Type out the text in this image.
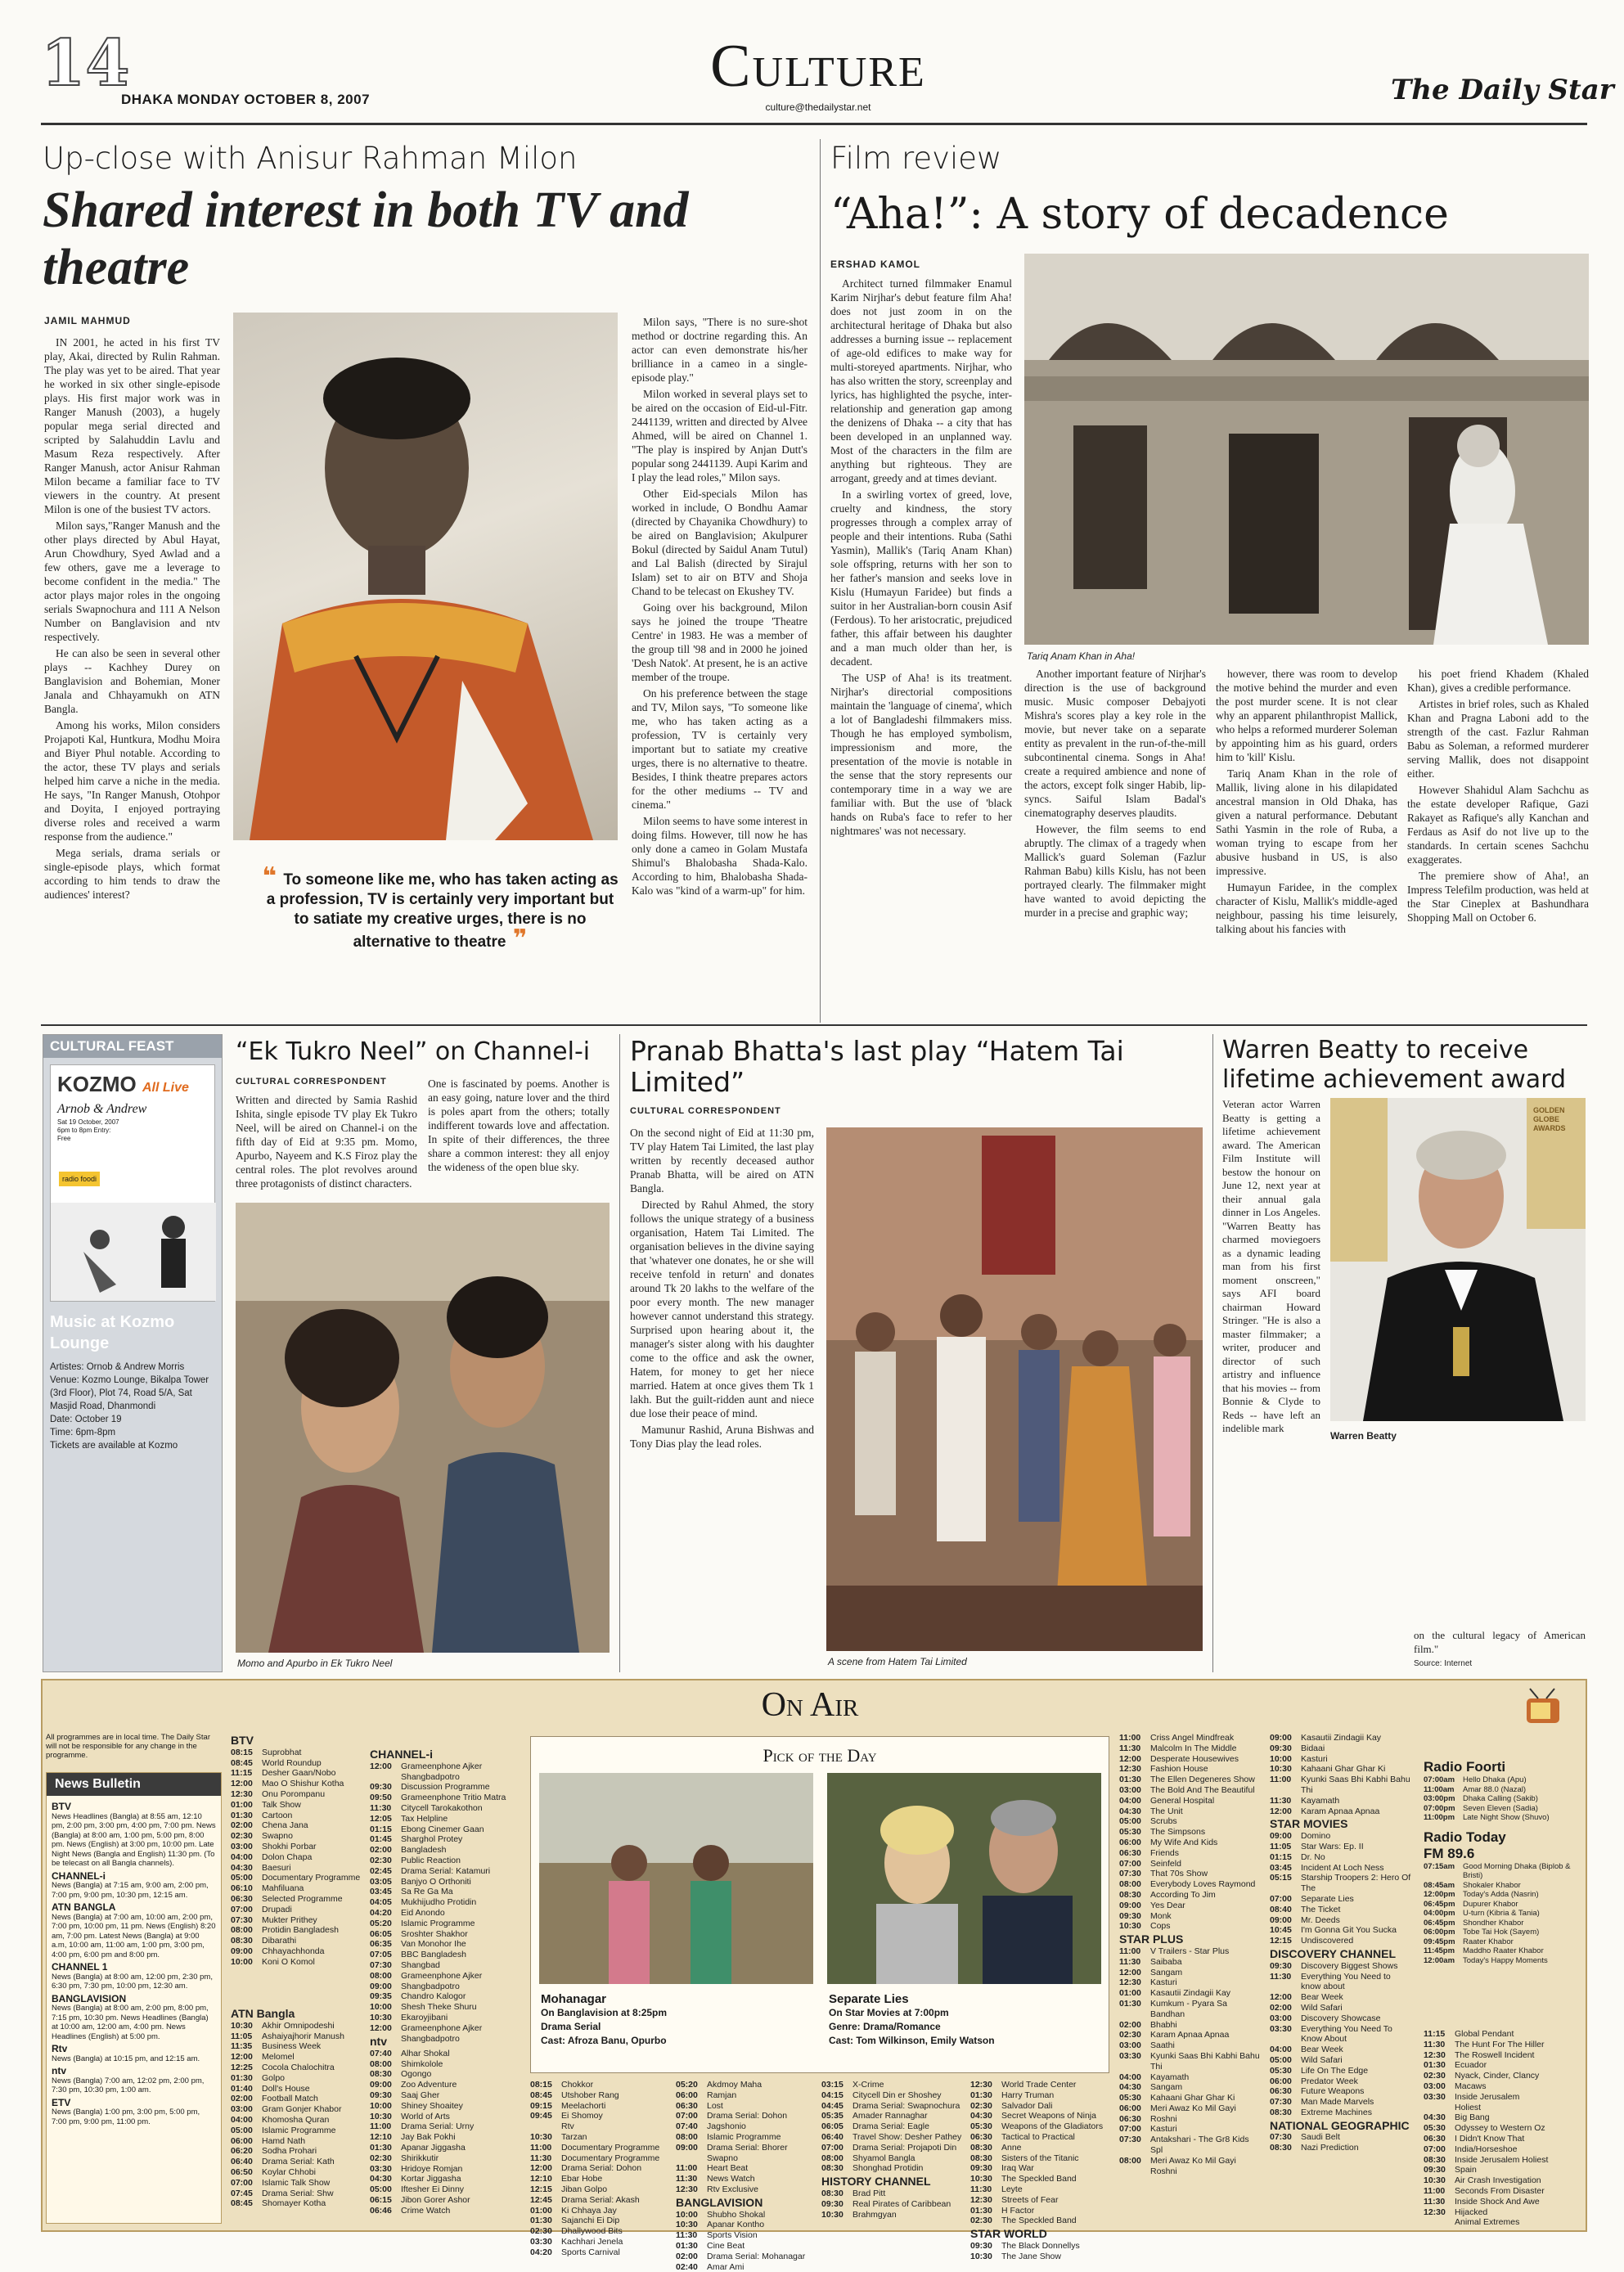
14
DHAKA MONDAY OCTOBER 8, 2007	Culture
culture@thedailystar.net
The Daily Star
Up-close with Anisur Rahman Milon
Shared interest in both TV and theatre
JAMIL MAHMUD

IN 2001, he acted in his first TV play, Akai, directed by Rulin Rahman. The play was yet to be aired. That year he worked in six other single-episode plays. His first major work was in Ranger Manush (2003), a hugely popular mega serial directed and scripted by Salahuddin Lavlu and Masum Reza respectively. After Ranger Manush, actor Anisur Rahman Milon became a familiar face to TV viewers in the country. At present Milon is one of the busiest TV actors.

Milon says,"Ranger Manush and the other plays directed by Abul Hayat, Arun Chowdhury, Syed Awlad and a few others, gave me a leverage to become confident in the media." The actor plays major roles in the ongoing serials Swapnochura and 111 A Nelson Number on Banglavision and ntv respectively.

He can also be seen in several other plays -- Kachhey Durey on Banglavision and Bohemian, Moner Janala and Chhayamukh on ATN Bangla.

Among his works, Milon considers Projapoti Kal, Huntkura, Modhu Moira and Biyer Phul notable. According to the actor, these TV plays and serials helped him carve a niche in the media. He says, "In Ranger Manush, Otohpor and Doyita, I enjoyed portraying diverse roles and received a warm response from the audience."

Mega serials, drama serials or single-episode plays, which format according to him tends to draw the audiences' interest?

Milon says, "There is no sure-shot method or doctrine regarding this. An actor can even demonstrate his/her brilliance in a cameo in a single-episode play."

Milon worked in several plays set to be aired on the occasion of Eid-ul-Fitr. 2441139, written and directed by Alvee Ahmed, will be aired on Channel 1. "The play is inspired by Anjan Dutt's popular song 2441139. Aupi Karim and I play the lead roles," Milon says.

Other Eid-specials Milon has worked in include, O Bondhu Aamar (directed by Chayanika Chowdhury) to be aired on Banglavision; Akulpurer Bokul (directed by Saidul Anam Tutul) and Lal Balish (directed by Sirajul Islam) set to air on BTV and Shoja Chand to be telecast on Ekushey TV.

Going over his background, Milon says he joined the troupe 'Theatre Centre' in 1983. He was a member of the group till '98 and in 2000 he joined 'Desh Natok'. At present, he is an active member of the troupe.

On his preference between the stage and TV, Milon says, "To someone like me, who has taken acting as a profession, TV is certainly very important but to satiate my creative urges, there is no alternative to theatre. Besides, I think theatre prepares actors for the other mediums -- TV and cinema."

Milon seems to have some interest in doing films. However, till now he has only done a cameo in Golam Mustafa Shimul's Bhalobasha Shada-Kalo. According to him, Bhalobasha Shada-Kalo was "kind of a warm-up" for him.

❝ To someone like me, who has taken acting as a profession, TV is certainly very important but to satiate my creative urges, there is no alternative to theatre ❞
Film review
“Aha!”: A story of decadence
ERSHAD KAMOL

Architect turned filmmaker Enamul Karim Nirjhar's debut feature film Aha! does not just zoom in on the architectural heritage of Dhaka but also addresses a burning issue -- replacement of age-old edifices to make way for multi-storeyed apartments. Nirjhar, who has also written the story, screenplay and lyrics, has highlighted the psyche, inter-relationship and generation gap among the denizens of Dhaka -- a city that has been developed in an unplanned way. Most of the characters in the film are anything but righteous. They are arrogant, greedy and at times deviant.

In a swirling vortex of greed, love, cruelty and kindness, the story progresses through a complex array of people and their intentions. Ruba (Sathi Yasmin), Mallik's (Tariq Anam Khan) sole offspring, returns with her son to her father's mansion and seeks love in Kislu (Humayun Faridee) but finds a suitor in her Australian-born cousin Asif (Ferdous). To her aristocratic, prejudiced father, this affair between his daughter and a man much older than her, is decadent.

The USP of Aha! is its treatment. Nirjhar's directorial compositions maintain the 'language of cinema', which a lot of Bangladeshi filmmakers miss. Though he has employed symbolism, impressionism and more, the presentation of the movie is notable in the sense that the story represents our contemporary time in a way we are familiar with. But the use of 'black hands on Ruba's face to refer to her nightmares' was not necessary.

Tariq Anam Khan in Aha!

Another important feature of Nirjhar's direction is the use of background music. Music composer Debajyoti Mishra's scores play a key role in the movie, but never take on a separate entity as prevalent in the run-of-the-mill subcontinental cinema. Songs in Aha! create a required ambience and none of the actors, except folk singer Habib, lip-syncs. Saiful Islam Badal's cinematography deserves plaudits.

However, the film seems to end abruptly. The climax of a tragedy when Mallick's guard Soleman (Fazlur Rahman Babu) kills Kislu, has not been portrayed clearly. The filmmaker might have wanted to avoid depicting the murder in a precise and graphic way;

however, there was room to develop the motive behind the murder and even the post murder scene. It is not clear why an apparent philanthropist Mallick, who helps a reformed murderer Soleman by appointing him as his guard, orders him to 'kill' Kislu.

Tariq Anam Khan in the role of Mallik, living alone in his dilapidated ancestral mansion in Old Dhaka, has given a natural performance. Debutant Sathi Yasmin in the role of Ruba, a woman trying to escape from her abusive husband in US, is also impressive.

Humayun Faridee, in the complex character of Kislu, Mallik's middle-aged neighbour, passing his time leisurely, talking about his fancies with

his poet friend Khadem (Khaled Khan), gives a credible performance.

Artistes in brief roles, such as Khaled Khan and Pragna Laboni add to the strength of the cast. Fazlur Rahman Babu as Soleman, a reformed murderer serving Mallik, does not disappoint either.

However Shahidul Alam Sachchu as the estate developer Rafique, Gazi Rakayet as Rafique's ally Kanchan and Ferdaus as Asif do not live up to the standards. In certain scenes Sachchu exaggerates.

The premiere show of Aha!, an Impress Telefilm production, was held at the Star Cineplex at Bashundhara Shopping Mall on October 6.

CULTURAL FEAST
KOZMO All Live
Arnob & Andrew
Sat 19 October, 2007 6pm to 8pm Entry: Free
radio foodi
Music at Kozmo Lounge
Artistes: Ornob & Andrew Morris
Venue: Kozmo Lounge, Bikalpa Tower (3rd Floor), Plot 74, Road 5/A, Sat Masjid Road, Dhanmondi
Date: October 19
Time: 6pm-8pm
Tickets are available at Kozmo
“Ek Tukro Neel” on Channel-i
CULTURAL CORRESPONDENT

Written and directed by Samia Rashid Ishita, single episode TV play Ek Tukro Neel, will be aired on Channel-i on the fifth day of Eid at 9:35 pm. Momo, Apurbo, Nayeem and K.S Firoz play the central roles. The plot revolves around three protagonists of distinct characters.

One is fascinated by poems. Another is an easy going, nature lover and the third is poles apart from the others; totally indifferent towards love and affectation. In spite of their differences, the three share a common interest: they all enjoy the wideness of the open blue sky.

Momo and Apurbo in Ek Tukro Neel
Pranab Bhatta's last play “Hatem Tai Limited”
CULTURAL CORRESPONDENT

On the second night of Eid at 11:30 pm, TV play Hatem Tai Limited, the last play written by recently deceased author Pranab Bhatta, will be aired on ATN Bangla.

Directed by Rahul Ahmed, the story follows the unique strategy of a business organisation, Hatem Tai Limited. The organisation believes in the divine saying that 'whatever one donates, he or she will receive tenfold in return' and donates around Tk 20 lakhs to the welfare of the poor every month. The new manager however cannot understand this strategy. Surprised upon hearing about it, the manager's sister along with his daughter come to the office and ask the owner, Hatem, for money to get her niece married. Hatem at once gives them Tk 1 lakh. But the guilt-ridden aunt and niece due lose their peace of mind.

Mamunur Rashid, Aruna Bishwas and Tony Dias play the lead roles.

A scene from Hatem Tai Limited
Warren Beatty to receive lifetime achievement award

Veteran actor Warren Beatty is getting a lifetime achievement award. The American Film Institute will bestow the honour on June 12, next year at their annual gala dinner in Los Angeles. "Warren Beatty has charmed moviegoers as a dynamic leading man from his first moment onscreen," says AFI board chairman Howard Stringer. "He is also a master filmmaker; a writer, producer and director of such artistry and influence that his movies -- from Bonnie & Clyde to Reds -- have left an indelible mark

GOLDEN GLOBE AWARDS
Warren Beatty

on the cultural legacy of American film."

Source: Internet
On Air
All programmes are in local time. The Daily Star will not be responsible for any change in the programme.
News Bulletin
BTV
News Headlines (Bangla) at 8:55 am, 12:10 pm, 2:00 pm, 3:00 pm, 4:00 pm, 7:00 pm. News (Bangla) at 8:00 am, 1:00 pm, 5:00 pm, 8:00 pm. News (English) at 3:00 pm, 10:00 pm. Late Night News (Bangla and English) 11:30 pm. (To be telecast on all Bangla channels).
CHANNEL-i
News (Bangla) at 7:15 am, 9:00 am, 2:00 pm, 7:00 pm, 9:00 pm, 10:30 pm, 12:15 am.
ATN BANGLA
News (Bangla) at 7:00 am, 10:00 am, 2:00 pm, 7:00 pm, 10:00 pm, 11 pm. News (English) 8:20 am, 7:00 pm. Latest News (Bangla) at 9:00 a.m, 10:00 am, 11:00 am, 1:00 pm, 3:00 pm, 4:00 pm, 6:00 pm and 8:00 pm.
CHANNEL 1
News (Bangla) at 8:00 am, 12:00 pm, 2:30 pm, 6:30 pm, 7:30 pm, 10:00 pm, 12:30 am.
BANGLAVISION
News (Bangla) at 8:00 am, 2:00 pm, 8:00 pm, 7:15 pm, 10:30 pm. News Headlines (Bangla) at 10:00 am, 12:00 am, 4:00 pm. News Headlines (English) at 5:00 pm.
Rtv
News (Bangla) at 10:15 pm, and 12:15 am.
ntv
News (Bangla) 7:00 am, 12:02 pm, 2:00 pm, 7:30 pm, 10:30 pm, 1:00 am.
ETV
News (Bangla) 1:00 pm, 3:00 pm, 5:00 pm, 7:00 pm, 9:00 pm, 11:00 pm.
BTV
08:15	Suprobhat
08:45	World Roundup
11:15	Desher Gaan/Nobo
12:00	Mao O Shishur Kotha
12:30	Onu Porompanu
01:00	Talk Show
01:30	Cartoon
02:00	Chena Jana
02:30	Swapno
03:00	Shokhi Porbar
04:00	Dolon Chapa
04:30	Baesuri
05:00	Documentary Programme
06:10	Mahfiluana
06:30	Selected Programme
07:00	Drupadi
07:30	Mukter Prithey
08:00	Protidin Bangladesh
08:30	Dibarathi
09:00	Chhayachhonda
10:00	Koni O Komol
ATN Bangla
10:30	Akhir Omnipodeshi
11:05	Ashaiyajhorir Manush
11:35	Business Week
12:00	Melomel
12:25	Cocola Chalochitra
01:30	Golpo
01:40	Doll's House
02:00	Football Match
03:00	Gram Gonjer Khabor
04:00	Khomosha Quran
05:00	Islamic Programme
06:00	Hamd Nath
06:20	Sodha Prohari
06:40	Drama Serial: Kath
06:50	Koylar Chhobi
07:00	Islamic Talk Show
07:45	Drama Serial: Shw
08:45	Shomayer Kotha
CHANNEL-i
12:00	Grameenphone Ajker Shangbadpotro
09:30	Discussion Programme
09:50	Grameenphone Tritio Matra
11:30	Citycell Tarokakothon
12:05	Tax Helpline
01:15	Ebong Cinemer Gaan
01:45	Sharghol Protey
02:00	Bangladesh
02:30	Public Reaction
02:45	Drama Serial: Katamuri
03:05	Banjyo O Orthoniti
03:45	Sa Re Ga Ma
04:05	Mukhijudho Protidin
04:20	Eid Anondo
05:20	Islamic Programme
06:05	Sroshter Shakhor
06:35	Van Monohor Ihe
07:05	BBC Bangladesh
07:30	Shangbad
08:00	Grameenphone Ajker
09:00	Shangbadpotro
09:35	Chandro Kalogor
10:00	Shesh Theke Shuru
10:30	Ekaroyjibani
12:00	Grameenphone Ajker Shangbadpotro
ntv
07:40	Alhar Shokal
08:00	Shimkolole
08:30	Ogongo
09:00	Zoo Adventure
09:30	Saaj Gher
10:00	Shiney Shoaitey
10:30	World of Arts
11:00	Drama Serial: Urny
12:10	Jay Bak Pokhi
01:30	Apanar Jiggasha
02:30	Shirikkutir
03:30	Hridoye Romjan
04:30	Kortar Jiggasha
05:00	Iftesher Ei Dinny
06:15	Jibon Gorer Ashor
06:46	Crime Watch
Pick of the Day
Mohanagar
On Banglavision at 8:25pm
Drama Serial
Cast: Afroza Banu, Opurbo
Separate Lies
On Star Movies at 7:00pm
Genre: Drama/Romance
Cast: Tom Wilkinson, Emily Watson
08:15	Chokkor
08:45	Utshober Rang
09:15	Meelachorti
09:45	Ei Shomoy
Rtv
10:30	Tarzan
11:00	Documentary Programme
11:30	Documentary Programme
12:00	Drama Serial: Dohon
12:10	Ebar Hobe
12:15	Jiban Golpo
12:45	Drama Serial: Akash
01:00	Ki Chhaya Jay
01:30	Sajanchi Ei Dip
02:30	Dhallywood Bits
03:30	Kachhari Jenela
04:20	Sports Carnival
05:20	Akdmoy Maha
06:00	Ramjan
06:30	Lost
07:00	Drama Serial: Dohon
07:40	Jagshonio
08:00	Islamic Programme
09:00	Drama Serial: Bhorer Swapno
11:00	Heart Beat
11:30	News Watch
12:30	Rtv Exclusive
BANGLAVISION
10:00	Shubho Shokal
10:30	Apanar Kontho
11:30	Sports Vision
01:30	Cine Beat
02:00	Drama Serial: Mohanagar
02:40	Amar Ami
03:15	X-Crime
04:15	Citycell Din er Shoshey
04:45	Drama Serial: Swapnochura
05:35	Amader Rannaghar
06:05	Drama Serial: Eagle
06:40	Travel Show: Desher Pathey
07:00	Drama Serial: Projapoti Din
08:00	Shyamol Bangla
08:30	Shonghad Protidin
HISTORY CHANNEL
08:30	Brad Pitt
09:30	Real Pirates of Caribbean
10:30	Brahmgyan
12:30	World Trade Center
01:30	Harry Truman
02:30	Salvador Dali
04:30	Secret Weapons of Ninja
05:30	Weapons of the Gladiators
06:30	Tactical to Practical
08:30	Anne
08:30	Sisters of the Titanic
09:30	Iraq War
10:30	The Speckled Band
11:30	Leyte
12:30	Streets of Fear
01:30	H Factor
02:30	The Speckled Band
STAR WORLD
09:30	The Black Donnellys
10:30	The Jane Show
11:00	Criss Angel Mindfreak
11:30	Malcolm In The Middle
12:00	Desperate Housewives
12:30	Fashion House
01:30	The Ellen Degeneres Show
03:00	The Bold And The Beautiful
04:00	General Hospital
04:30	The Unit
05:00	Scrubs
05:30	The Simpsons
06:00	My Wife And Kids
06:30	Friends
07:00	Seinfeld
07:30	That 70s Show
08:00	Everybody Loves Raymond
08:30	According To Jim
09:00	Yes Dear
09:30	Monk
10:30	Cops
STAR PLUS
11:00	V Trailers - Star Plus
11:30	Saibaba
12:00	Sangam
12:30	Kasturi
01:00	Kasautii Zindagii Kay
01:30	Kumkum - Pyara Sa Bandhan
02:00	Bhabhi
02:30	Karam Apnaa Apnaa
03:00	Saathi
03:30	Kyunki Saas Bhi Kabhi Bahu Thi
04:00	Kayamath
04:30	Sangam
05:30	Kahaani Ghar Ghar Ki
06:00	Meri Awaz Ko Mil Gayi
06:30	Roshni
07:00	Kasturi
07:30	Antakshari - The Gr8 Kids Spl
08:00	Meri Awaz Ko Mil Gayi Roshni
09:00	Kasautii Zindagii Kay
09:30	Bidaai
10:00	Kasturi
10:30	Kahaani Ghar Ghar Ki
11:00	Kyunki Saas Bhi Kabhi Bahu Thi
11:30	Kayamath
12:00	Karam Apnaa Apnaa
STAR MOVIES
09:00	Domino
11:05	Star Wars: Ep. II
01:15	Dr. No
03:45	Incident At Loch Ness
05:15	Starship Troopers 2: Hero Of The
07:00	Separate Lies
08:40	The Ticket
09:00	Mr. Deeds
10:45	I'm Gonna Git You Sucka
12:15	Undiscovered
DISCOVERY CHANNEL
09:30	Discovery Biggest Shows
11:30	Everything You Need to know about
12:00	Bear Week
02:00	Wild Safari
03:00	Discovery Showcase
03:30	Everything You Need To Know About
04:00	Bear Week
05:00	Wild Safari
05:30	Life On The Edge
06:00	Predator Week
06:30	Future Weapons
07:30	Man Made Marvels
08:30	Extreme Machines
NATIONAL GEOGRAPHIC
07:30	Saudi Belt
08:30	Nazi Prediction
Radio Foorti
07:00am	Hello Dhaka (Apu)
11:00am	Amar 88.0 (Nazal)
03:00pm Dhaka Calling (Sakib)
07:00pm Seven Eleven (Sadia)
11:00pm	Late Night Show (Shuvo)
Radio Today FM 89.6
07:15am	Good Morning Dhaka (Biplob & Bristi)
08:45am	Shokaler Khabor
12:00pm Today's Adda (Nasrin)
06:45pm Dupurer Khabor
04:00pm U-turn (Kibria & Tania)
06:45pm Shondher Khabor
06:00pm Tobe Tai Hok (Sayem)
09:45pm Raater Khabor
11:45pm	Maddho Raater Khabor
12:00am	Today's Happy Moments
11:15	Global Pendant
11:30	The Hunt For The Hiller
12:30	The Roswell Incident
01:30	Ecuador
02:30	Nyack, Cinder, Clancy
03:00	Macaws
03:30	Inside Jerusalem
Holiest
04:30	Big Bang
05:30	Odyssey to Western Oz
06:30	I Didn't Know That
07:00	India/Horseshoe
08:30	Inside Jerusalem Holiest
09:30	Spain
10:30	Air Crash Investigation
11:00	Seconds From Disaster
11:30	Inside Shock And Awe
12:30	Hijacked
Animal Extremes
